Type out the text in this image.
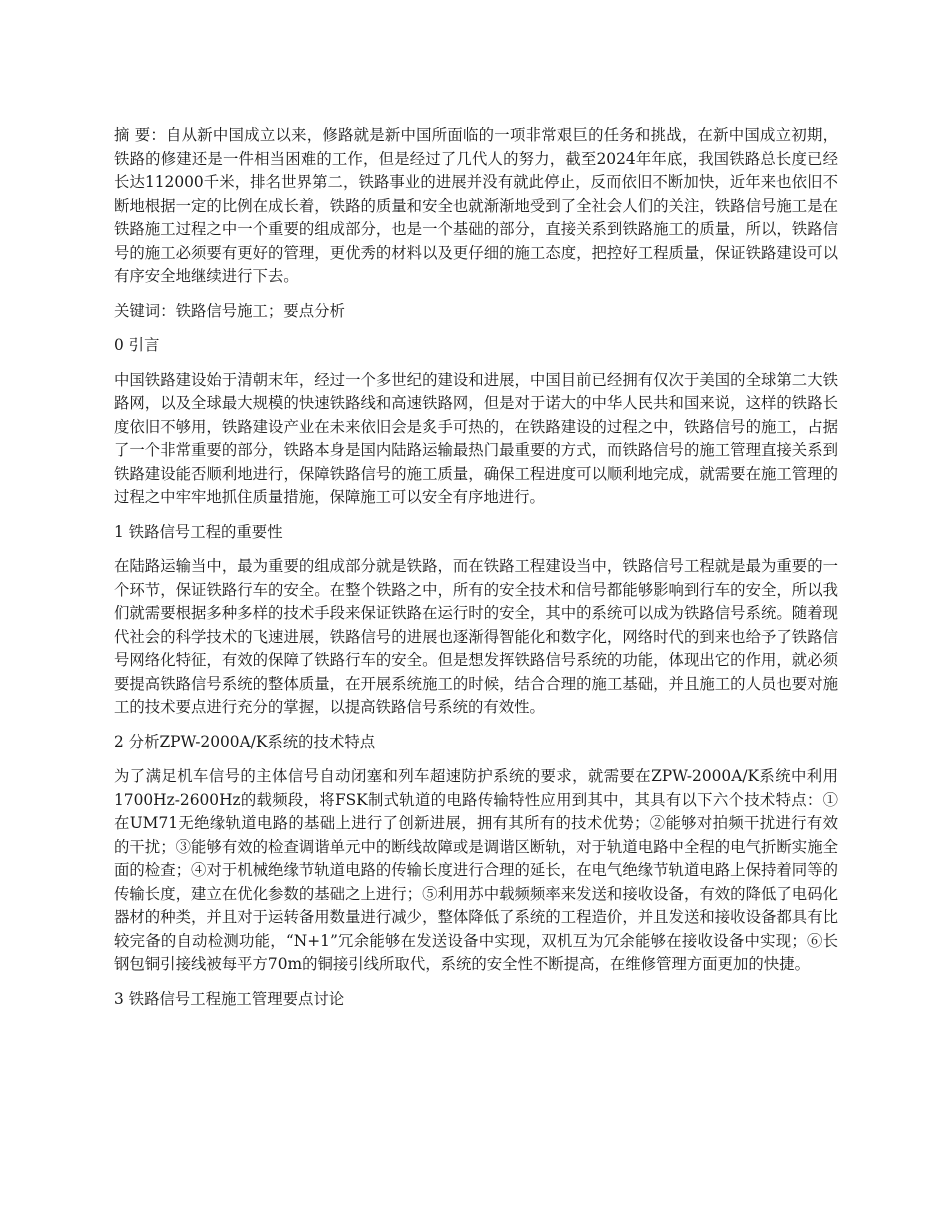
摘 要：自从新中国成立以来，修路就是新中国所面临的一项非常艰巨的任务和挑战，在新中国成立初期，铁路的修建还是一件相当困难的工作，但是经过了几代人的努力，截至2024年年底，我国铁路总长度已经长达112000千米，排名世界第二，铁路事业的进展并没有就此停止，反而依旧不断加快，近年来也依旧不断地根据一定的比例在成长着，铁路的质量和安全也就渐渐地受到了全社会人们的关注，铁路信号施工是在铁路施工过程之中一个重要的组成部分，也是一个基础的部分，直接关系到铁路施工的质量，所以，铁路信号的施工必须要有更好的管理，更优秀的材料以及更仔细的施工态度，把控好工程质量，保证铁路建设可以有序安全地继续进行下去。

关键词：铁路信号施工；要点分析

0 引言

中国铁路建设始于清朝末年，经过一个多世纪的建设和进展，中国目前已经拥有仅次于美国的全球第二大铁路网，以及全球最大规模的快速铁路线和高速铁路网，但是对于诺大的中华人民共和国来说，这样的铁路长度依旧不够用，铁路建设产业在未来依旧会是炙手可热的，在铁路建设的过程之中，铁路信号的施工，占据了一个非常重要的部分，铁路本身是国内陆路运输最热门最重要的方式，而铁路信号的施工管理直接关系到铁路建设能否顺利地进行，保障铁路信号的施工质量，确保工程进度可以顺利地完成，就需要在施工管理的过程之中牢牢地抓住质量措施，保障施工可以安全有序地进行。

1 铁路信号工程的重要性

在陆路运输当中，最为重要的组成部分就是铁路，而在铁路工程建设当中，铁路信号工程就是最为重要的一个环节，保证铁路行车的安全。在整个铁路之中，所有的安全技术和信号都能够影响到行车的安全，所以我们就需要根据多种多样的技术手段来保证铁路在运行时的安全，其中的系统可以成为铁路信号系统。随着现代社会的科学技术的飞速进展，铁路信号的进展也逐渐得智能化和数字化，网络时代的到来也给予了铁路信号网络化特征，有效的保障了铁路行车的安全。但是想发挥铁路信号系统的功能，体现出它的作用，就必须要提高铁路信号系统的整体质量，在开展系统施工的时候，结合合理的施工基础，并且施工的人员也要对施工的技术要点进行充分的掌握，以提高铁路信号系统的有效性。

2 分析ZPW-2000A/K系统的技术特点

为了满足机车信号的主体信号自动闭塞和列车超速防护系统的要求，就需要在ZPW-2000A/K系统中利用1700Hz-2600Hz的载频段，将FSK制式轨道的电路传输特性应用到其中，其具有以下六个技术特点：①在UM71无绝缘轨道电路的基础上进行了创新进展，拥有其所有的技术优势；②能够对拍频干扰进行有效的干扰；③能够有效的检查调谐单元中的断线故障或是调谐区断轨，对于轨道电路中全程的电气折断实施全面的检查；④对于机械绝缘节轨道电路的传输长度进行合理的延长，在电气绝缘节轨道电路上保持着同等的传输长度，建立在优化参数的基础之上进行；⑤利用苏中载频频率来发送和接收设备，有效的降低了电码化器材的种类，并且对于运转备用数量进行减少，整体降低了系统的工程造价，并且发送和接收设备都具有比较完备的自动检测功能，“N+1”冗余能够在发送设备中实现，双机互为冗余能够在接收设备中实现；⑥长钢包铜引接线被每平方70m的铜接引线所取代，系统的安全性不断提高，在维修管理方面更加的快捷。

3 铁路信号工程施工管理要点讨论
